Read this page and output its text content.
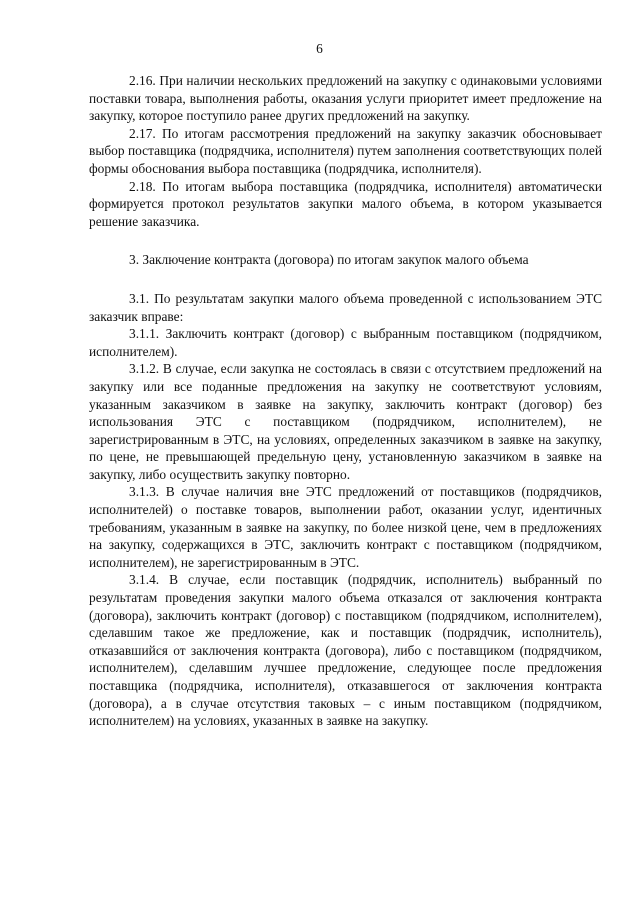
6

2.16. При наличии нескольких предложений на закупку с одинаковыми условиями поставки товара, выполнения работы, оказания услуги приоритет имеет предложение на закупку, которое поступило ранее других предложений на закупку.

2.17. По итогам рассмотрения предложений на закупку заказчик обосновывает выбор поставщика (подрядчика, исполнителя) путем заполнения соответствующих полей формы обоснования выбора поставщика (подрядчика, исполнителя).

2.18. По итогам выбора поставщика (подрядчика, исполнителя) автоматически формируется протокол результатов закупки малого объема, в котором указывается решение заказчика.

3. Заключение контракта (договора) по итогам закупок малого объема

3.1. По результатам закупки малого объема проведенной с использованием ЭТС заказчик вправе:

3.1.1. Заключить контракт (договор) с выбранным поставщиком (подрядчиком, исполнителем).

3.1.2. В случае, если закупка не состоялась в связи с отсутствием предложений на закупку или все поданные предложения на закупку не соответствуют условиям, указанным заказчиком в заявке на закупку, заключить контракт (договор) без использования ЭТС с поставщиком (подрядчиком, исполнителем), не зарегистрированным в ЭТС, на условиях, определенных заказчиком в заявке на закупку, по цене, не превышающей предельную цену, установленную заказчиком в заявке на закупку, либо осуществить закупку повторно.

3.1.3. В случае наличия вне ЭТС предложений от поставщиков (подрядчиков, исполнителей) о поставке товаров, выполнении работ, оказании услуг, идентичных требованиям, указанным в заявке на закупку, по более низкой цене, чем в предложениях на закупку, содержащихся в ЭТС, заключить контракт с поставщиком (подрядчиком, исполнителем), не зарегистрированным в ЭТС.

3.1.4. В случае, если поставщик (подрядчик, исполнитель) выбранный по результатам проведения закупки малого объема отказался от заключения контракта (договора), заключить контракт (договор) с поставщиком (подрядчиком, исполнителем), сделавшим такое же предложение, как и поставщик (подрядчик, исполнитель), отказавшийся от заключения контракта (договора), либо с поставщиком (подрядчиком, исполнителем), сделавшим лучшее предложение, следующее после предложения поставщика (подрядчика, исполнителя), отказавшегося от заключения контракта (договора), а в случае отсутствия таковых – с иным поставщиком (подрядчиком, исполнителем) на условиях, указанных в заявке на закупку.
